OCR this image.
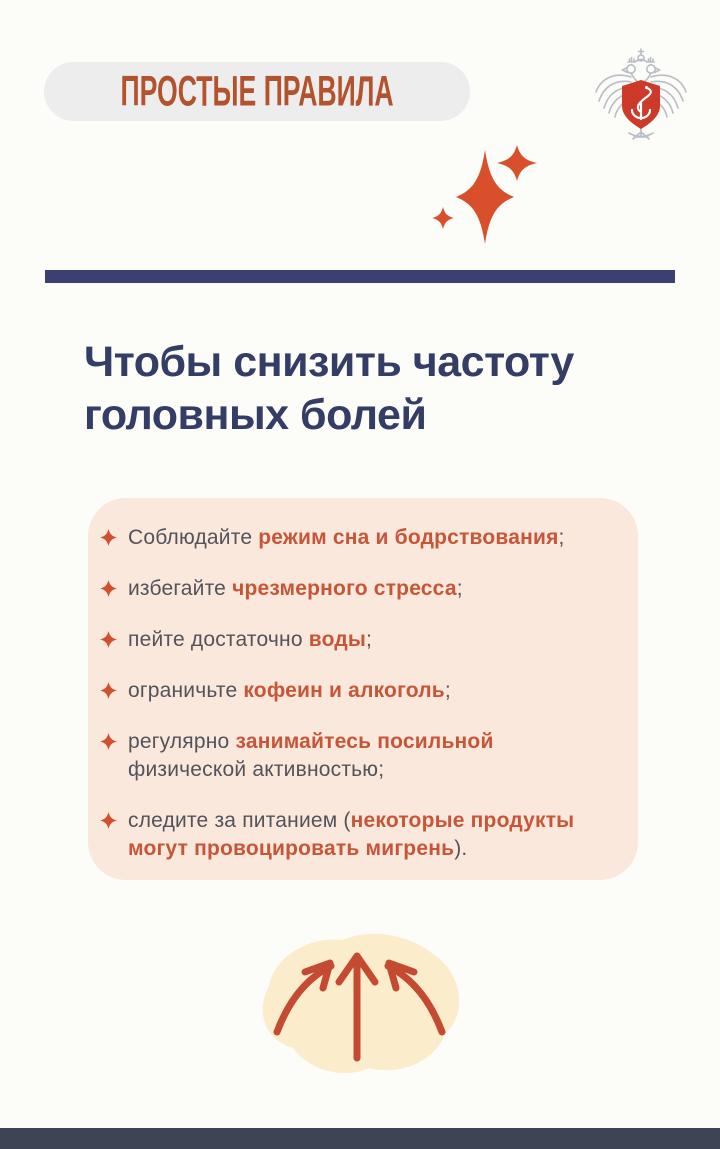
ПРОСТЫЕ ПРАВИЛА
Чтобы снизить частоту
головных болей
Соблюдайте режим сна и бодрствования;
избегайте чрезмерного стресса;
пейте достаточно воды;
ограничьте кофеин и алкоголь;
регулярно занимайтесь посильной
физической активностью;
следите за питанием (некоторые продукты
могут провоцировать мигрень).
